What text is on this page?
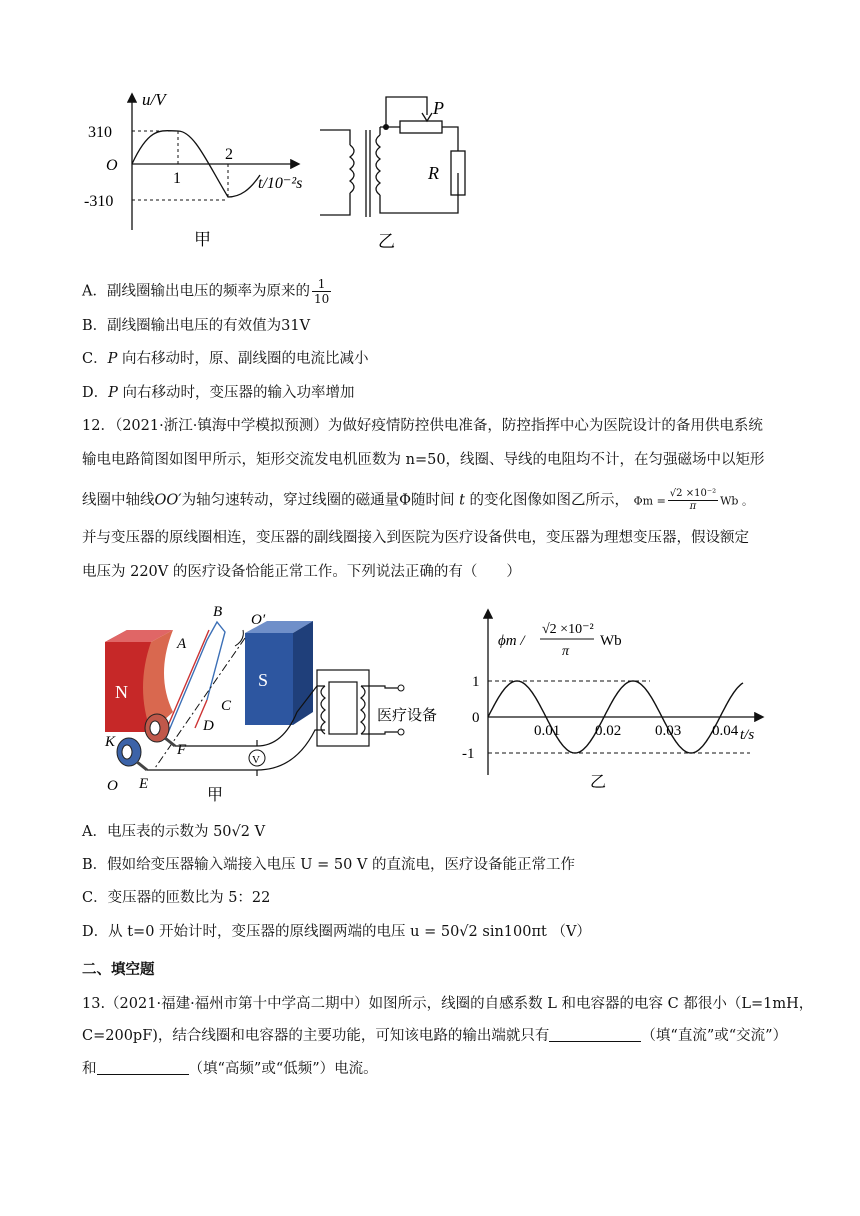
u/V
310
O
-310
1
2
t/10⁻²s
甲
P
R
乙
A．副线圈输出电压的频率为原来的 $\frac{1}{10}$
B．副线圈输出电压的有效值为31V
C．P 向右移动时，原、副线圈的电流比减小
D．P 向右移动时，变压器的输入功率增加
12．（2021·浙江·镇海中学模拟预测）为做好疫情防控供电准备，防控指挥中心为医院设计的备用供电系统
输电电路简图如图甲所示，矩形交流发电机匝数为 n=50，线圈、导线的电阻均不计，在匀强磁场中以矩形
线圈中轴线OO′为轴匀速转动，穿过线圈的磁通量Φ随时间 t 的变化图像如图乙所示， $\Phi m = \frac{\text{√2 ×10⁻²}}{\pi}$ Wb 。
并与变压器的原线圈相连，变压器的副线圈接入到医院为医疗设备供电，变压器为理想变压器，假设额定
电压为 220V 的医疗设备恰能正常工作。下列说法正确的有（　　）
N
S
B O′
A
C
D
F
K
O E
V
医疗设备
甲
ϕm /
√2 ×10⁻²
π
Wb
1
0
-1
0.01 0.02 0.03 0.04 t/s
乙
A．电压表的示数为 50√2 V
B．假如给变压器输入端接入电压 U = 50 V 的直流电，医疗设备能正常工作
C．变压器的匝数比为 5：22
D．从 t=0 开始计时，变压器的原线圈两端的电压 u = 50√2 sin100πt （V）
二、填空题
13.（2021·福建·福州市第十中学高二期中）如图所示，线圈的自感系数 L 和电容器的电容 C 都很小（L=1mH，
C=200pF)，结合线圈和电容器的主要功能，可知该电路的输出端就只有	（填“直流”或“交流”）
和	（填“高频”或“低频”）电流。
